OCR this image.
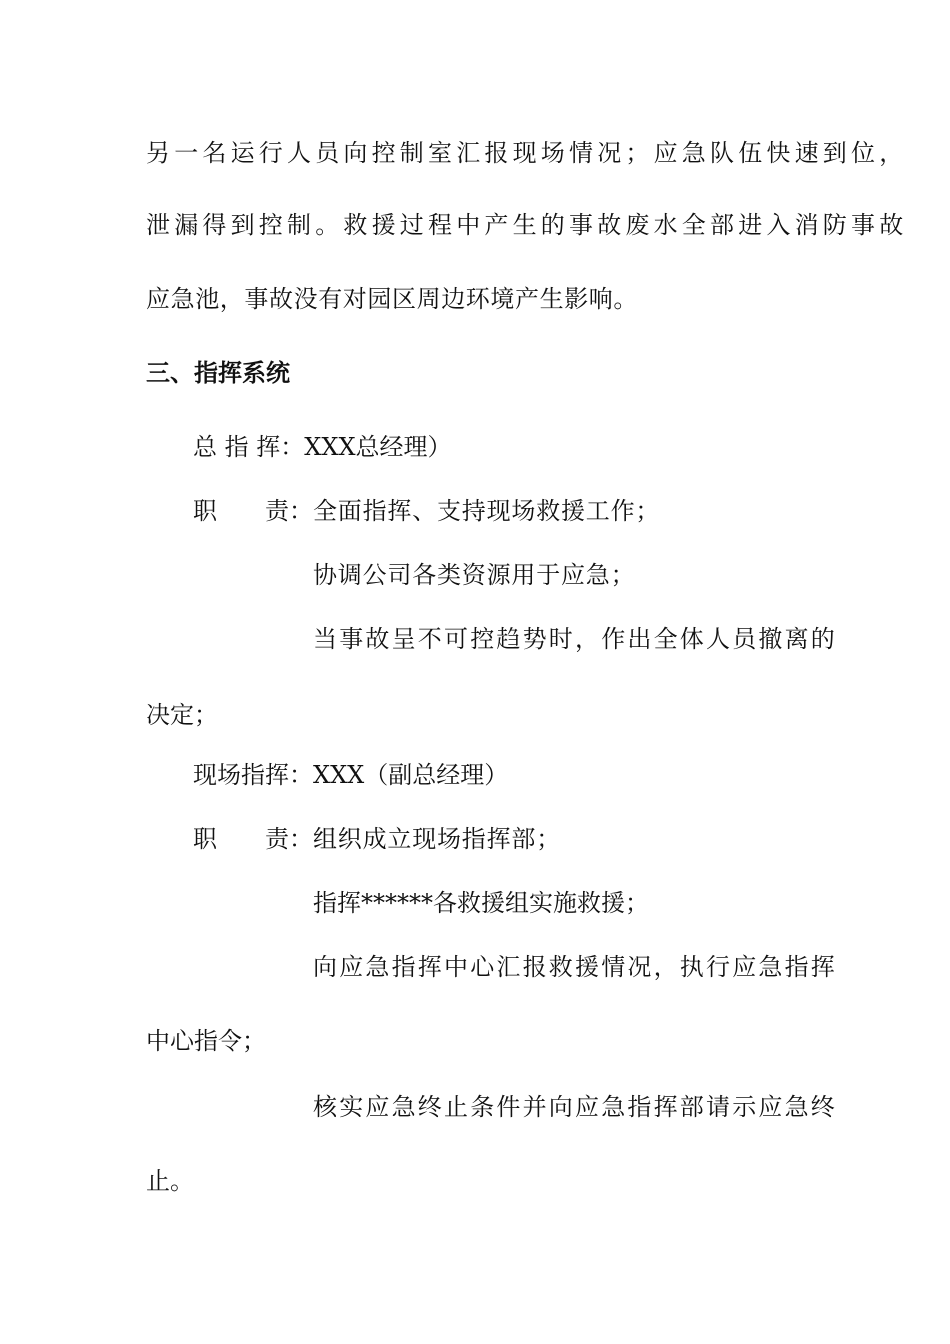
另一名运行人员向控制室汇报现场情况；应急队伍快速到位，
泄漏得到控制。救援过程中产生的事故废水全部进入消防事故
应急池，事故没有对园区周边环境产生影响。
三、指挥系统
总 指 挥：XXX总经理）
职 责：全面指挥、支持现场救援工作；
协调公司各类资源用于应急；
当事故呈不可控趋势时，作出全体人员撤离的
决定；
现场指挥：XXX（副总经理）
职 责：组织成立现场指挥部；
指挥******各救援组实施救援；
向应急指挥中心汇报救援情况，执行应急指挥
中心指令；
核实应急终止条件并向应急指挥部请示应急终
止。
